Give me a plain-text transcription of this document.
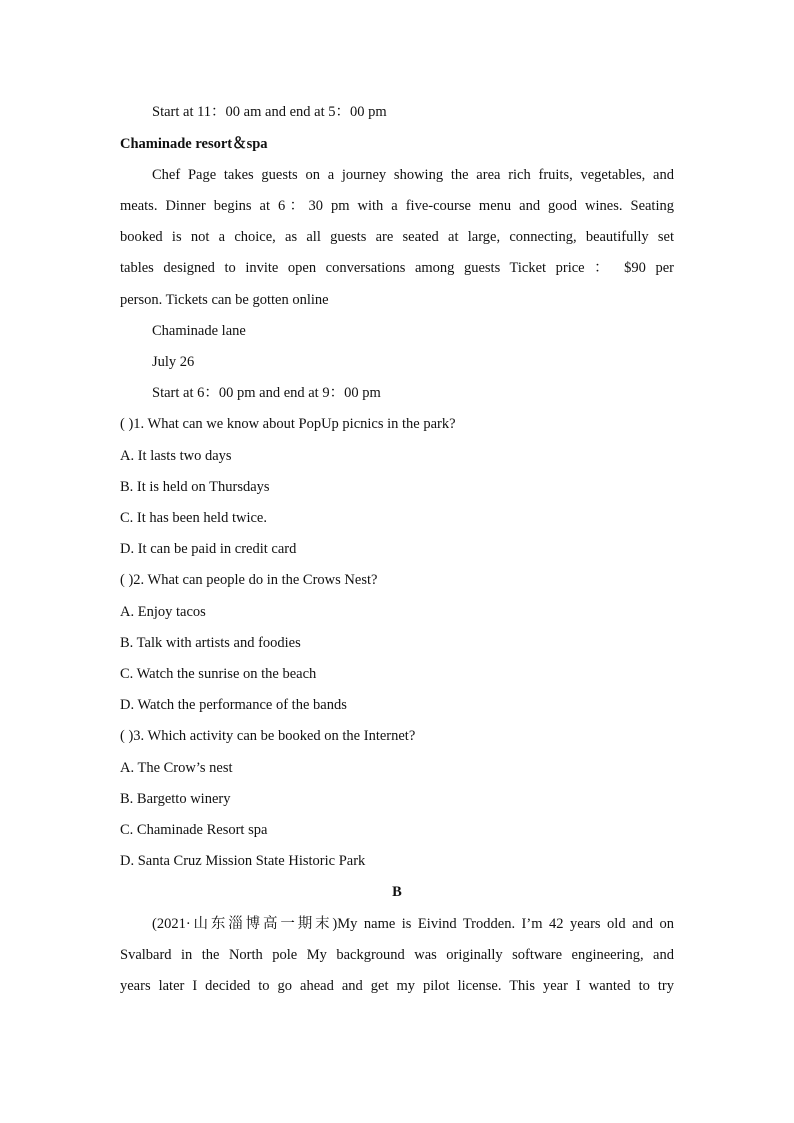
Start at 11：00 am and end at 5：00 pm
Chaminade resort＆spa
Chef Page takes guests on a journey showing the area rich fruits, vegetables, and
meats. Dinner begins at 6：30 pm with a five-course menu and good wines. Seating
booked is not a choice, as all guests are seated at large, connecting, beautifully set
tables designed to invite open conversations among guests Ticket price ： $90 per
person. Tickets can be gotten online
Chaminade lane
July 26
Start at 6：00 pm and end at 9：00 pm
( )1. What can we know about PopUp picnics in the park?
A. It lasts two days
B. It is held on Thursdays
C. It has been held twice.
D. It can be paid in credit card
( )2. What can people do in the Crows Nest?
A. Enjoy tacos
B. Talk with artists and foodies
C. Watch the sunrise on the beach
D. Watch the performance of the bands
( )3. Which activity can be booked on the Internet?
A. The Crow’s nest
B. Bargetto winery
C. Chaminade Resort spa
D. Santa Cruz Mission State Historic Park
B
(2021·山东淄博高一期末)My name is Eivind Trodden. I’m 42 years old and on
Svalbard in the North pole My background was originally software engineering, and
years later I decided to go ahead and get my pilot license. This year I wanted to try
